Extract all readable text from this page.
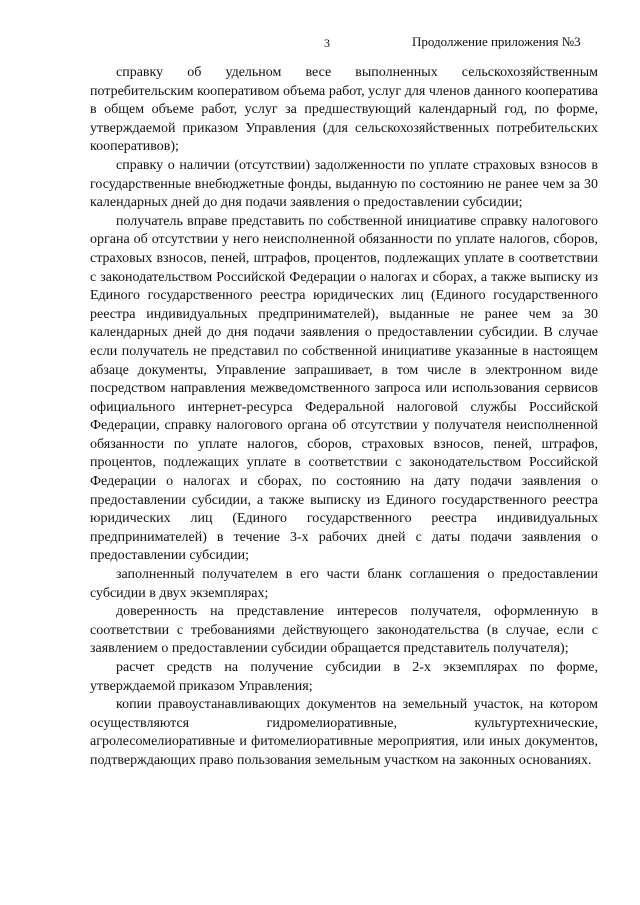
3	Продолжение приложения №3

справку об удельном весе выполненных сельскохозяйственным потребительским кооперативом объема работ, услуг для членов данного кооператива в общем объеме работ, услуг за предшествующий календарный год, по форме, утверждаемой приказом Управления (для сельскохозяйственных потребительских кооперативов);

справку о наличии (отсутствии) задолженности по уплате страховых взносов в государственные внебюджетные фонды, выданную по состоянию не ранее чем за 30 календарных дней до дня подачи заявления о предоставлении субсидии;

получатель вправе представить по собственной инициативе справку налогового органа об отсутствии у него неисполненной обязанности по уплате налогов, сборов, страховых взносов, пеней, штрафов, процентов, подлежащих уплате в соответствии с законодательством Российской Федерации о налогах и сборах, а также выписку из Единого государственного реестра юридических лиц (Единого государственного реестра индивидуальных предпринимателей), выданные не ранее чем за 30 календарных дней до дня подачи заявления о предоставлении субсидии. В случае если получатель не представил по собственной инициативе указанные в настоящем абзаце документы, Управление запрашивает, в том числе в электронном виде посредством направления межведомственного запроса или использования сервисов официального интернет-ресурса Федеральной налоговой службы Российской Федерации, справку налогового органа об отсутствии у получателя неисполненной обязанности по уплате налогов, сборов, страховых взносов, пеней, штрафов, процентов, подлежащих уплате в соответствии с законодательством Российской Федерации о налогах и сборах, по состоянию на дату подачи заявления о предоставлении субсидии, а также выписку из Единого государственного реестра юридических лиц (Единого государственного реестра индивидуальных предпринимателей) в течение 3-х рабочих дней с даты подачи заявления о предоставлении субсидии;

заполненный получателем в его части бланк соглашения о предоставлении субсидии в двух экземплярах;

доверенность на представление интересов получателя, оформленную в соответствии с требованиями действующего законодательства (в случае, если с заявлением о предоставлении субсидии обращается представитель получателя);

расчет средств на получение субсидии в 2-х экземплярах по форме, утверждаемой приказом Управления;

копии правоустанавливающих документов на земельный участок, на котором осуществляются гидромелиоративные, культуртехнические, агролесомелиоративные и фитомелиоративные мероприятия, или иных документов, подтверждающих право пользования земельным участком на законных основаниях.
